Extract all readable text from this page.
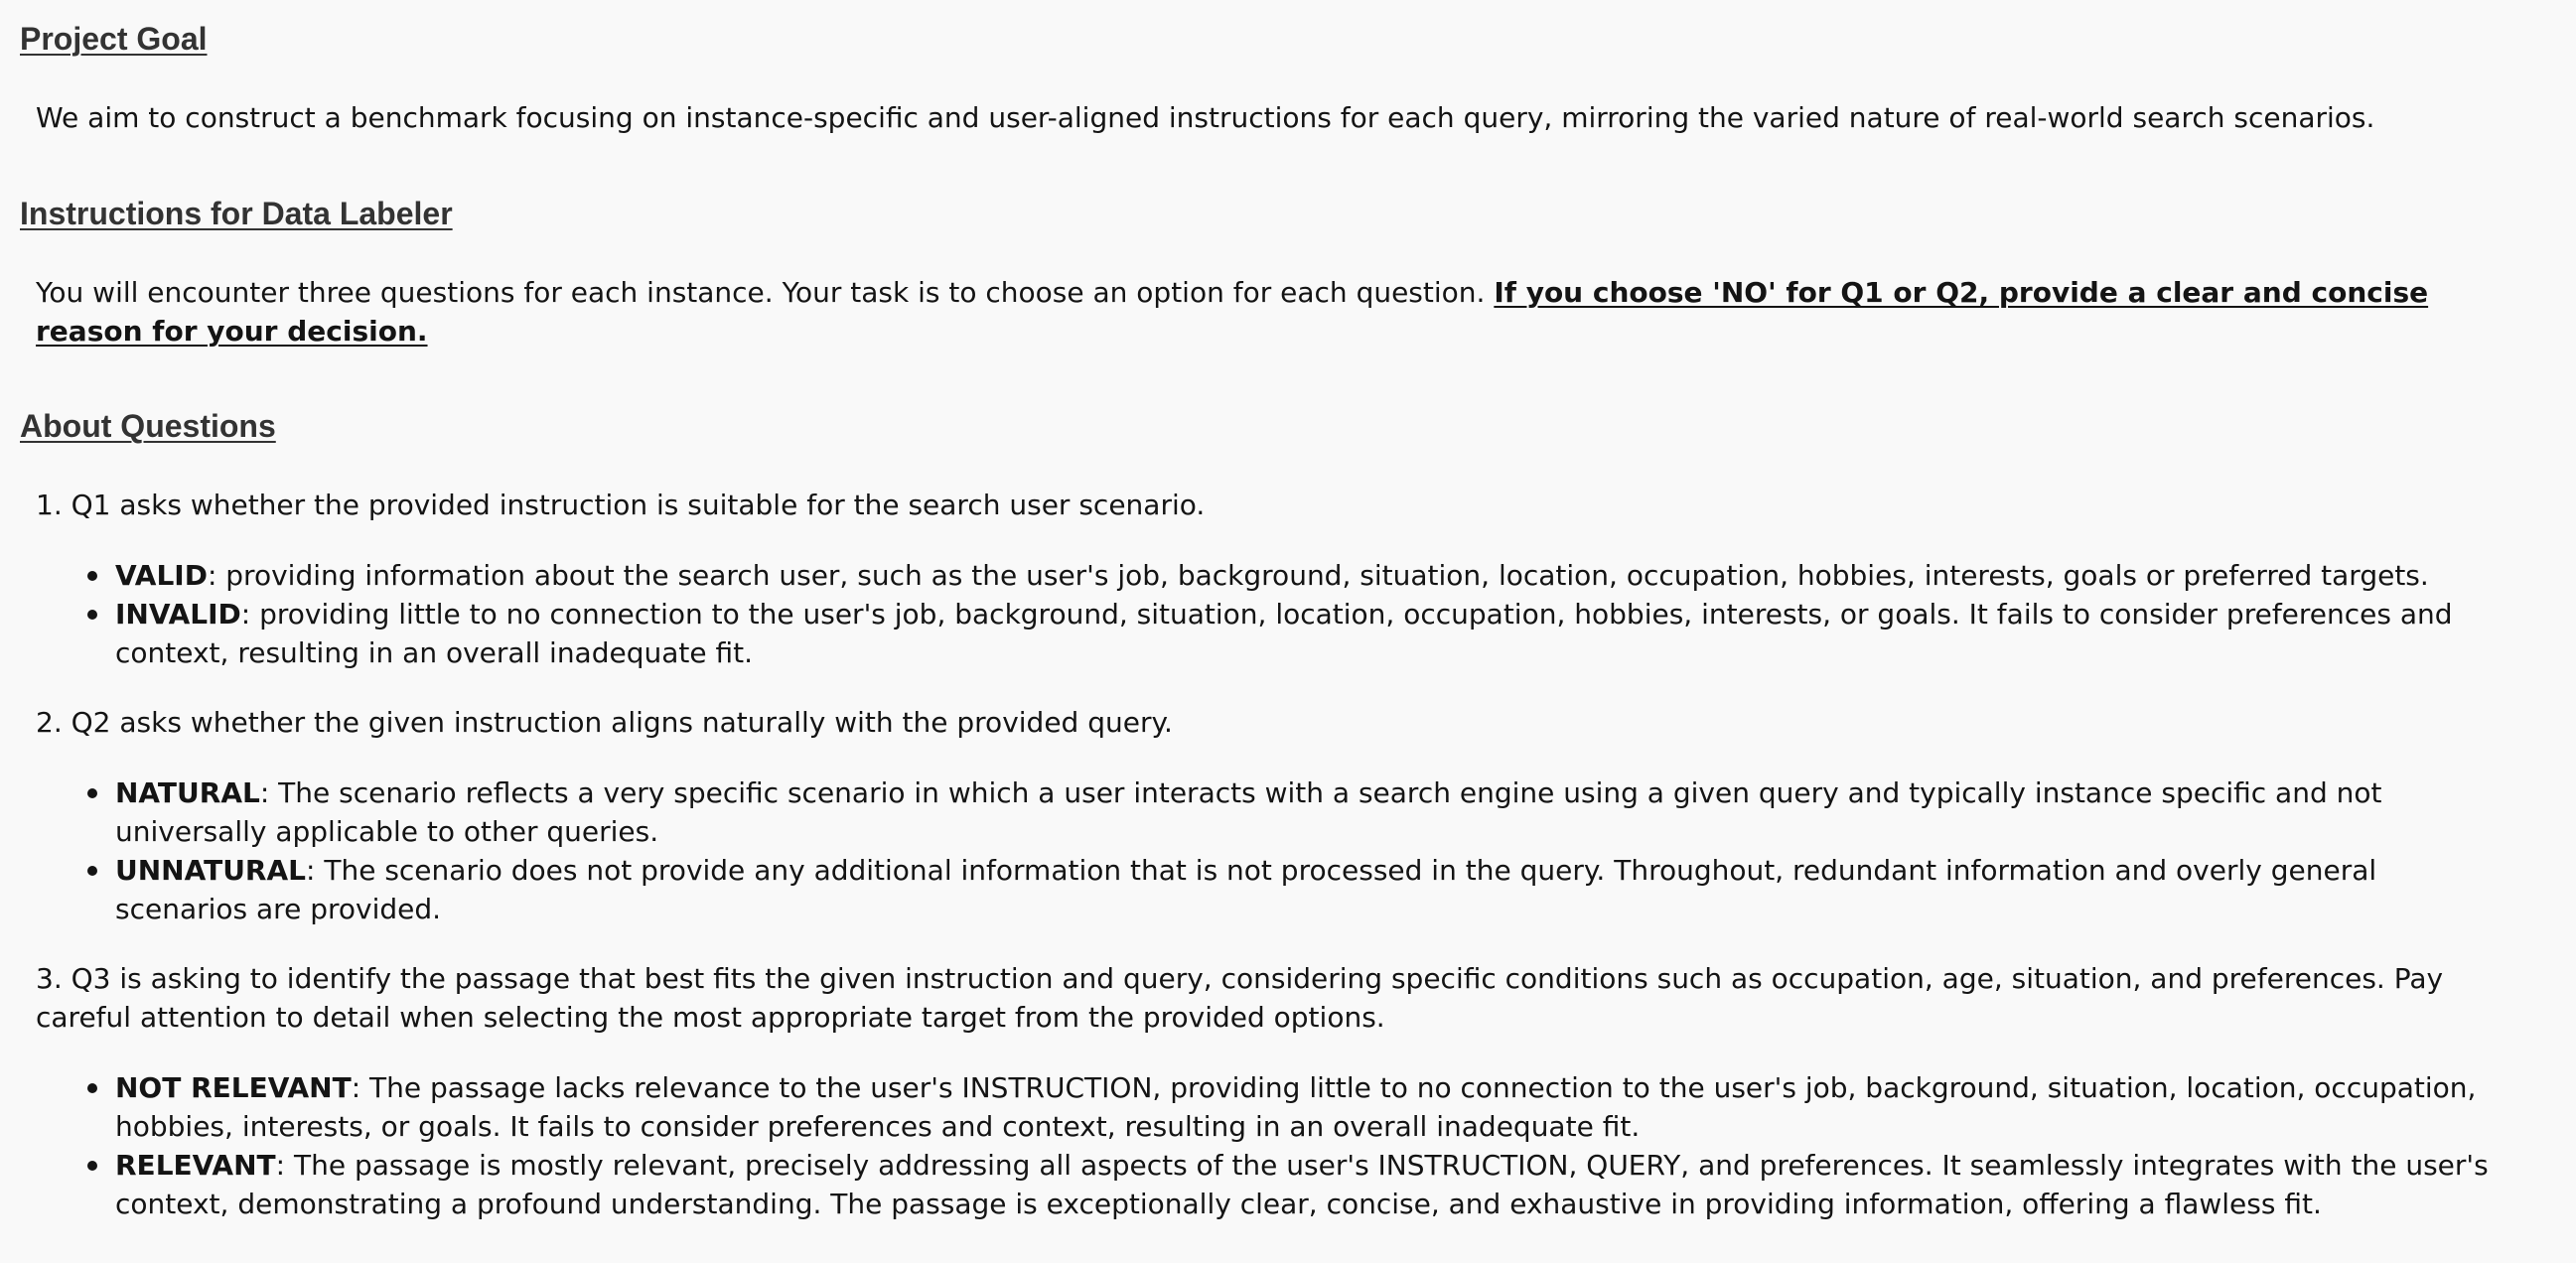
Project Goal

We aim to construct a benchmark focusing on instance-specific and user-aligned instructions for each query, mirroring the varied nature of real-world search scenarios.

Instructions for Data Labeler

You will encounter three questions for each instance. Your task is to choose an option for each question. If you choose 'NO' for Q1 or Q2, provide a clear and concise reason for your decision.

About Questions

1. Q1 asks whether the provided instruction is suitable for the search user scenario.

VALID: providing information about the search user, such as the user's job, background, situation, location, occupation, hobbies, interests, goals or preferred targets.
INVALID: providing little to no connection to the user's job, background, situation, location, occupation, hobbies, interests, or goals. It fails to consider preferences and context, resulting in an overall inadequate fit.

2. Q2 asks whether the given instruction aligns naturally with the provided query.

NATURAL: The scenario reflects a very specific scenario in which a user interacts with a search engine using a given query and typically instance specific and not universally applicable to other queries.
UNNATURAL: The scenario does not provide any additional information that is not processed in the query. Throughout, redundant information and overly general scenarios are provided.

3. Q3 is asking to identify the passage that best fits the given instruction and query, considering specific conditions such as occupation, age, situation, and preferences. Pay careful attention to detail when selecting the most appropriate target from the provided options.

NOT RELEVANT: The passage lacks relevance to the user's INSTRUCTION, providing little to no connection to the user's job, background, situation, location, occupation, hobbies, interests, or goals. It fails to consider preferences and context, resulting in an overall inadequate fit.
RELEVANT: The passage is mostly relevant, precisely addressing all aspects of the user's INSTRUCTION, QUERY, and preferences. It seamlessly integrates with the user's context, demonstrating a profound understanding. The passage is exceptionally clear, concise, and exhaustive in providing information, offering a flawless fit.
